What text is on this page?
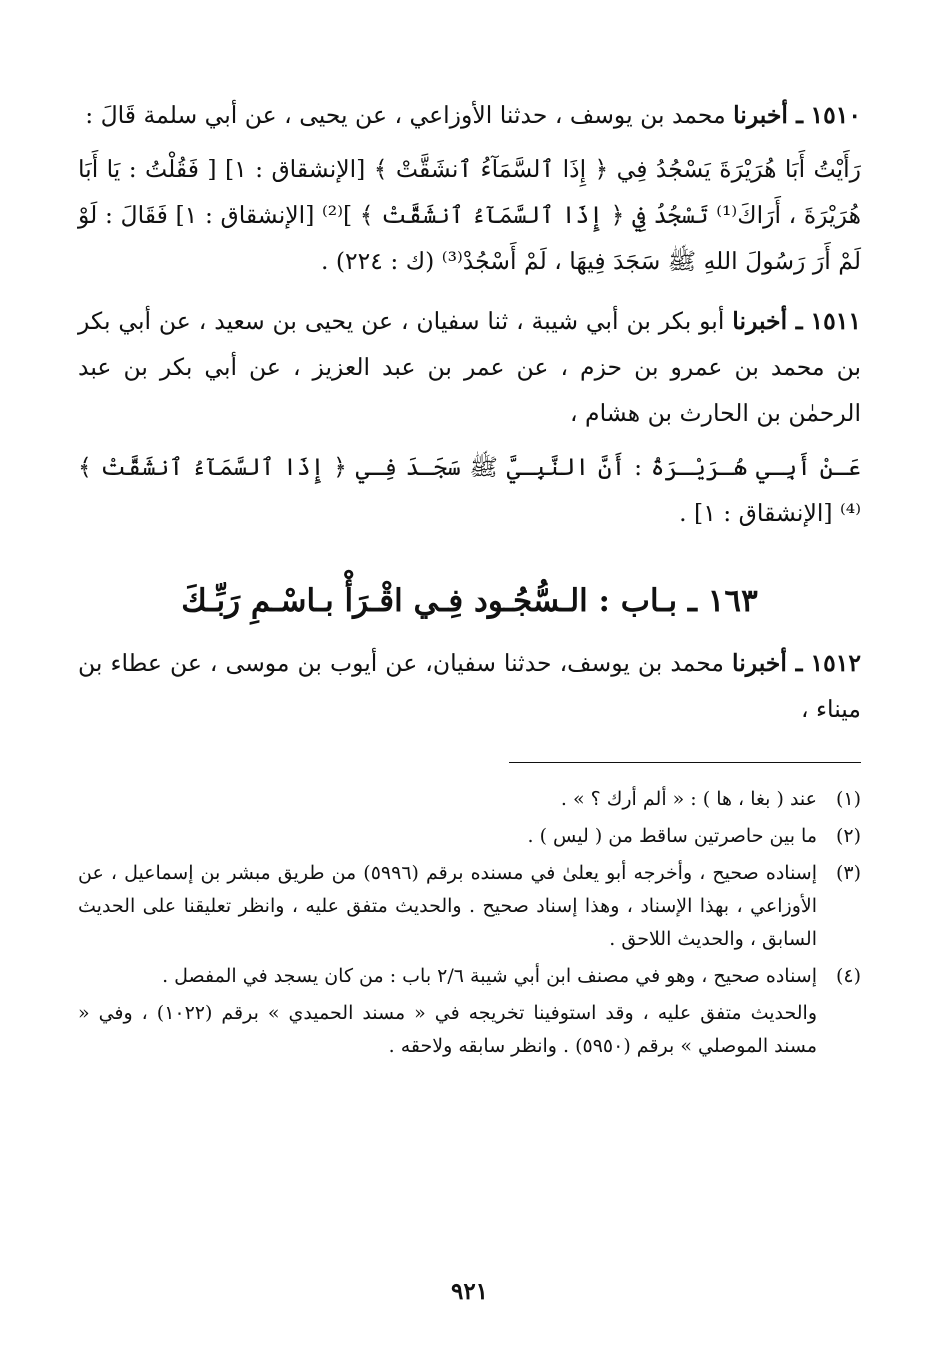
١٥١٠ ـ أخبرنا محمد بن يوسف ، حدثنا الأوزاعي ، عن يحيى ، عن أبي سلمة قَالَ :

رَأَيْتُ أَبَا هُرَيْرَةَ يَسْجُدُ فِي ﴿ إِذَا ٱلسَّمَآءُ ٱنشَقَّتْ ﴾ [الإنشقاق : ١] [ فَقُلْتُ : يَا أَبَا هُرَيْرَةَ ، أَرَاكَ⁽¹⁾ تَسْجُدُ فِي ﴿ إِذَا ٱلسَّمَآءُ ٱنشَقَّتْ ﴾ ]⁽²⁾ [الإنشقاق : ١] فَقَالَ : لَوْ لَمْ أَرَ رَسُولَ اللهِ ﷺ سَجَدَ فِيهَا ، لَمْ أَسْجُدْ⁽³⁾ (ك : ٢٢٤) .

١٥١١ ـ أخبرنا أبو بكر بن أبي شيبة ، ثنا سفيان ، عن يحيى بن سعيد ، عن أبي بكر بن محمد بن عمرو بن حزم ، عن عمر بن عبد العزيز ، عن أبي بكر بن عبد الرحمٰن بن الحارث بن هشام ،

عَـنْ أَبِـي هُـرَيْـرَةُ : أَنَّ النَّبِـيَّ ﷺ سَجَـدَ فِـي ﴿ إِذَا ٱلسَّمَآءُ ٱنشَقَّتْ ﴾⁽⁴⁾ [الإنشقاق : ١] .

١٦٣ ـ بـاب : الـسُّجُـود فِـي اقْـرَأْ بـاسْـمِ رَبِّـكَ

١٥١٢ ـ أخبرنا محمد بن يوسف، حدثنا سفيان، عن أيوب بن موسى ، عن عطاء بن ميناء ،

(١)
عند ( بغا ، ها ) : « ألم أرك ؟ » .
(٢)
ما بين حاصرتين ساقط من ( ليس ) .
(٣)
إسناده صحيح ، وأخرجه أبو يعلىٰ في مسنده برقم (٥٩٩٦) من طريق مبشر بن إسماعيل ، عن الأوزاعي ، بهذا الإسناد ، وهذا إسناد صحيح . والحديث متفق عليه ، وانظر تعليقنا على الحديث السابق ، والحديث اللاحق .
(٤)
إسناده صحيح ، وهو في مصنف ابن أبي شيبة ٢/٦ باب : من كان يسجد في المفصل .
والحديث متفق عليه ، وقد استوفينا تخريجه في « مسند الحميدي » برقم (١٠٢٢) ، وفي « مسند الموصلي » برقم (٥٩٥٠) . وانظر سابقه ولاحقه .
٩٢١
